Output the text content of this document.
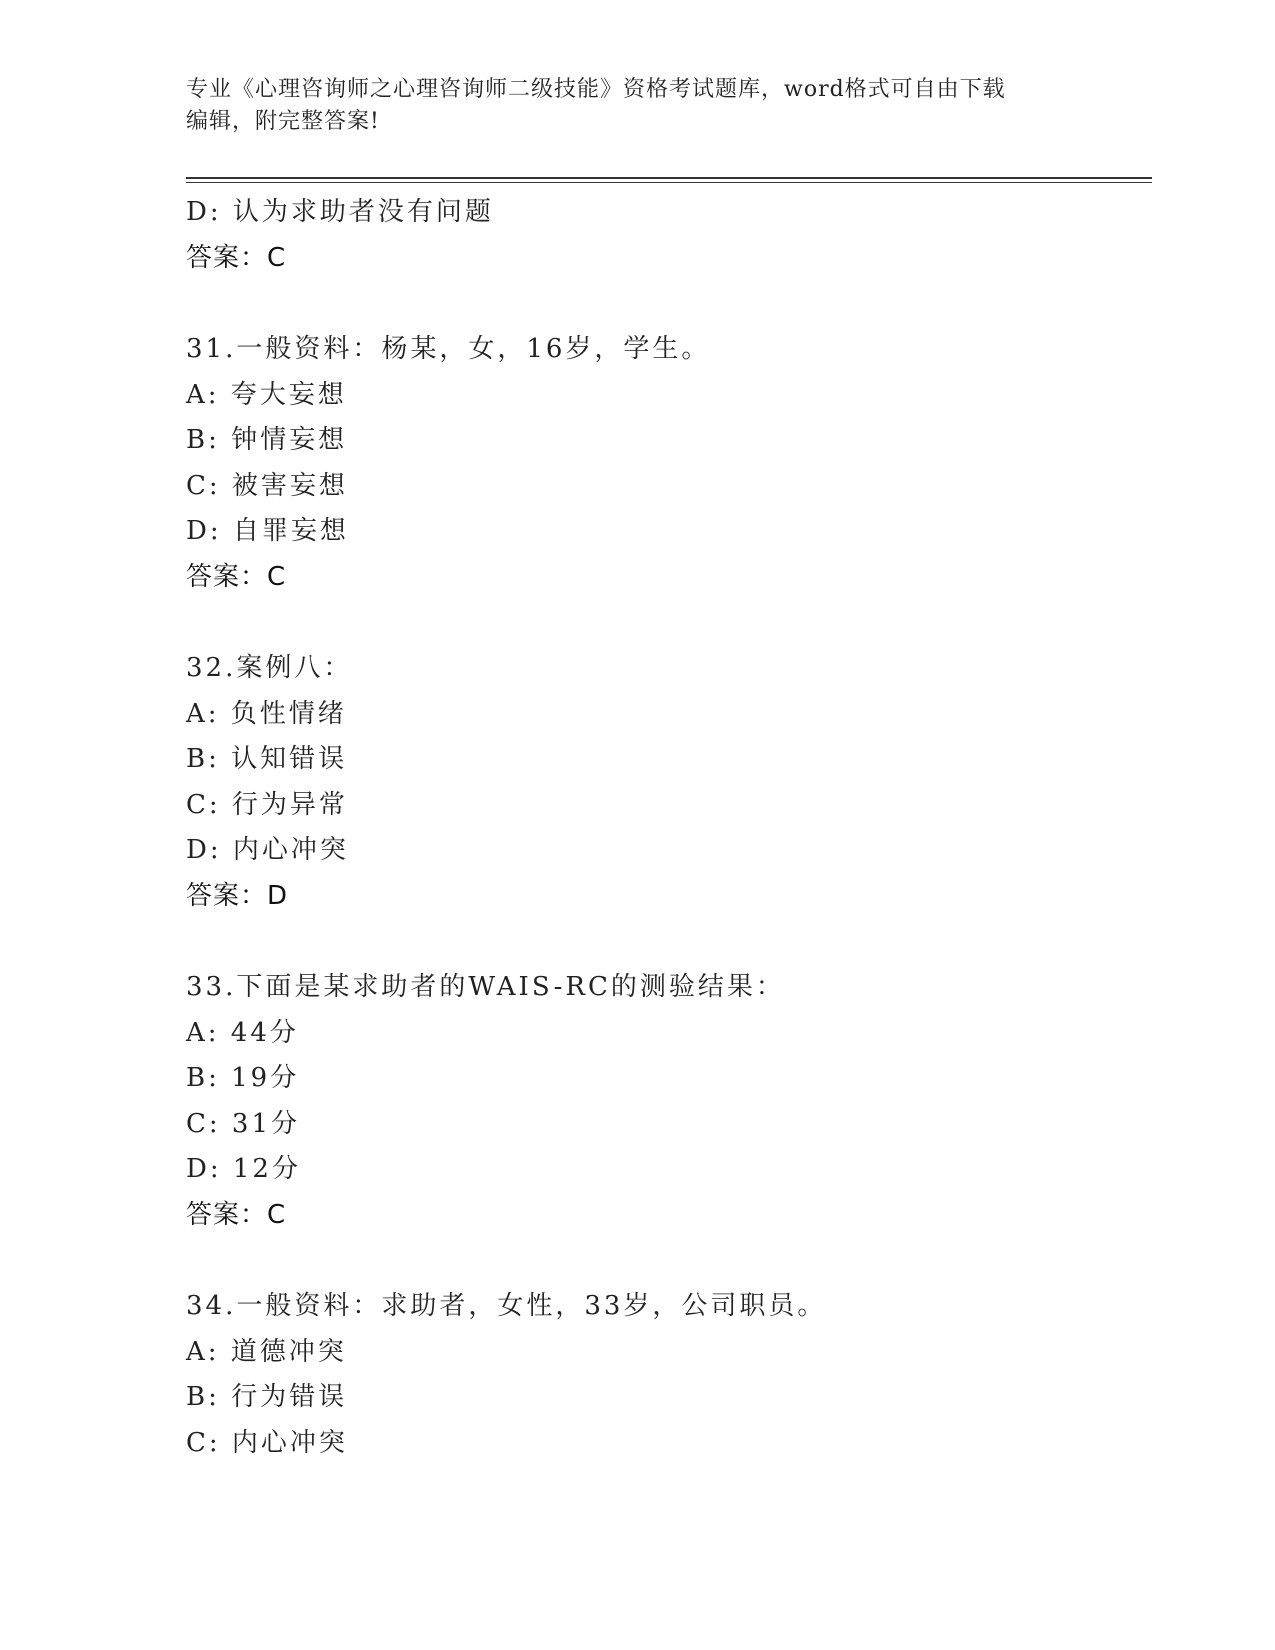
专业《心理咨询师之心理咨询师二级技能》资格考试题库，word格式可自由下载
编辑，附完整答案!
D: 认为求助者没有问题
答案：C
31.一般资料：杨某，女，16岁，学生。
A: 夸大妄想
B: 钟情妄想
C: 被害妄想
D: 自罪妄想
答案：C
32.案例八：
A: 负性情绪
B: 认知错误
C: 行为异常
D: 内心冲突
答案：D
33.下面是某求助者的WAIS-RC的测验结果：
A: 44分
B: 19分
C: 31分
D: 12分
答案：C
34.一般资料：求助者，女性，33岁，公司职员。
A: 道德冲突
B: 行为错误
C: 内心冲突
